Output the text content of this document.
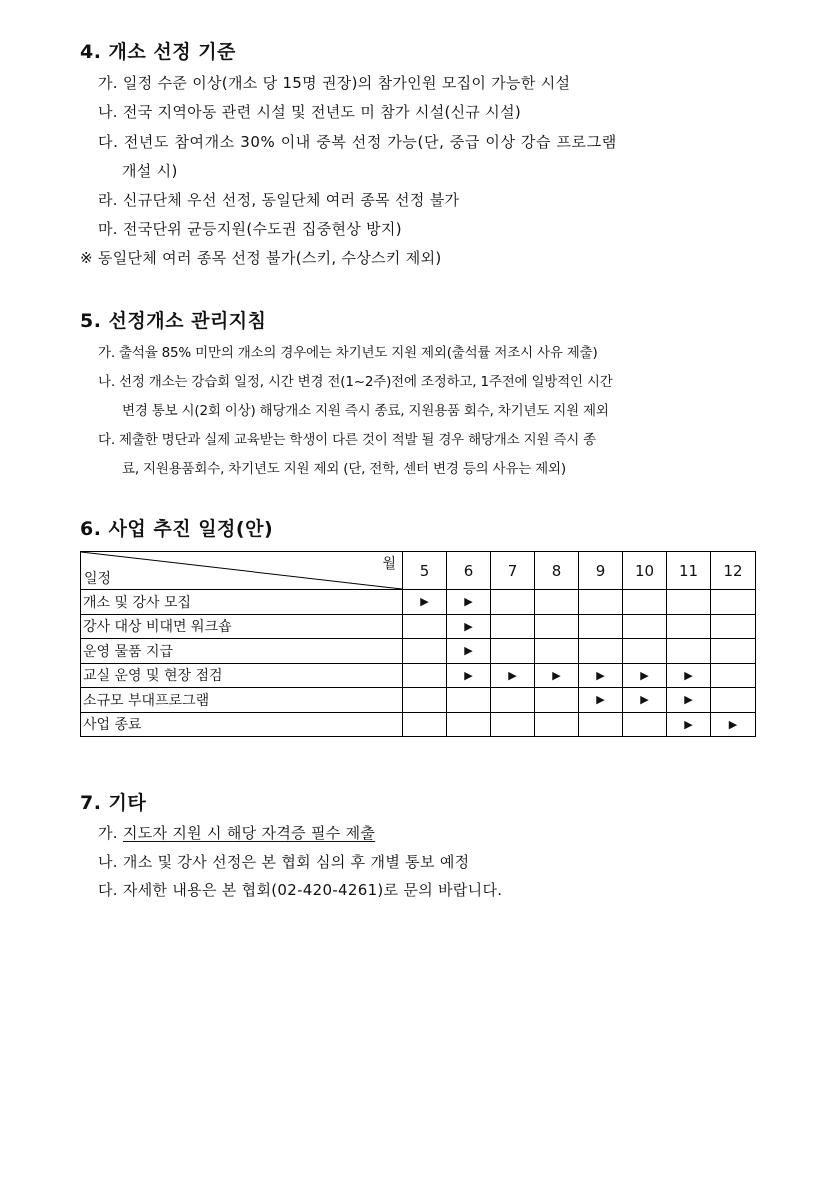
4. 개소 선정 기준
가. 일정 수준 이상(개소 당 15명 권장)의 참가인원 모집이 가능한 시설
나. 전국 지역아동 관련 시설 및 전년도 미 참가 시설(신규 시설)
다. 전년도 참여개소 30% 이내 중복 선정 가능(단, 중급 이상 강습 프로그램
개설 시)
라. 신규단체 우선 선정, 동일단체 여러 종목 선정 불가
마. 전국단위 균등지원(수도권 집중현상 방지)
※ 동일단체 여러 종목 선정 불가(스키, 수상스키 제외)
5. 선정개소 관리지침
가. 출석율 85% 미만의 개소의 경우에는 차기년도 지원 제외(출석률 저조시 사유 제출)
나. 선정 개소는 강습회 일정, 시간 변경 전(1~2주)전에 조정하고, 1주전에 일방적인 시간
변경 통보 시(2회 이상) 해당개소 지원 즉시 종료, 지원용품 회수, 차기년도 지원 제외
다. 제출한 명단과 실제 교육받는 학생이 다른 것이 적발 될 경우 해당개소 지원 즉시 종
료, 지원용품회수, 차기년도 지원 제외 (단, 전학, 센터 변경 등의 사유는 제외)
6. 사업 추진 일정(안)
월
일정	5	6	7	8	9	10	11	12
개소 및 강사 모집	▶	▶						
강사 대상 비대면 워크숍		▶						
운영 물품 지급		▶						
교실 운영 및 현장 점검		▶	▶	▶	▶	▶	▶	
소규모 부대프로그램					▶	▶	▶	
사업 종료							▶	▶
7. 기타
가. 지도자 지원 시 해당 자격증 필수 제출
나. 개소 및 강사 선정은 본 협회 심의 후 개별 통보 예정
다. 자세한 내용은 본 협회(02-420-4261)로 문의 바랍니다.
